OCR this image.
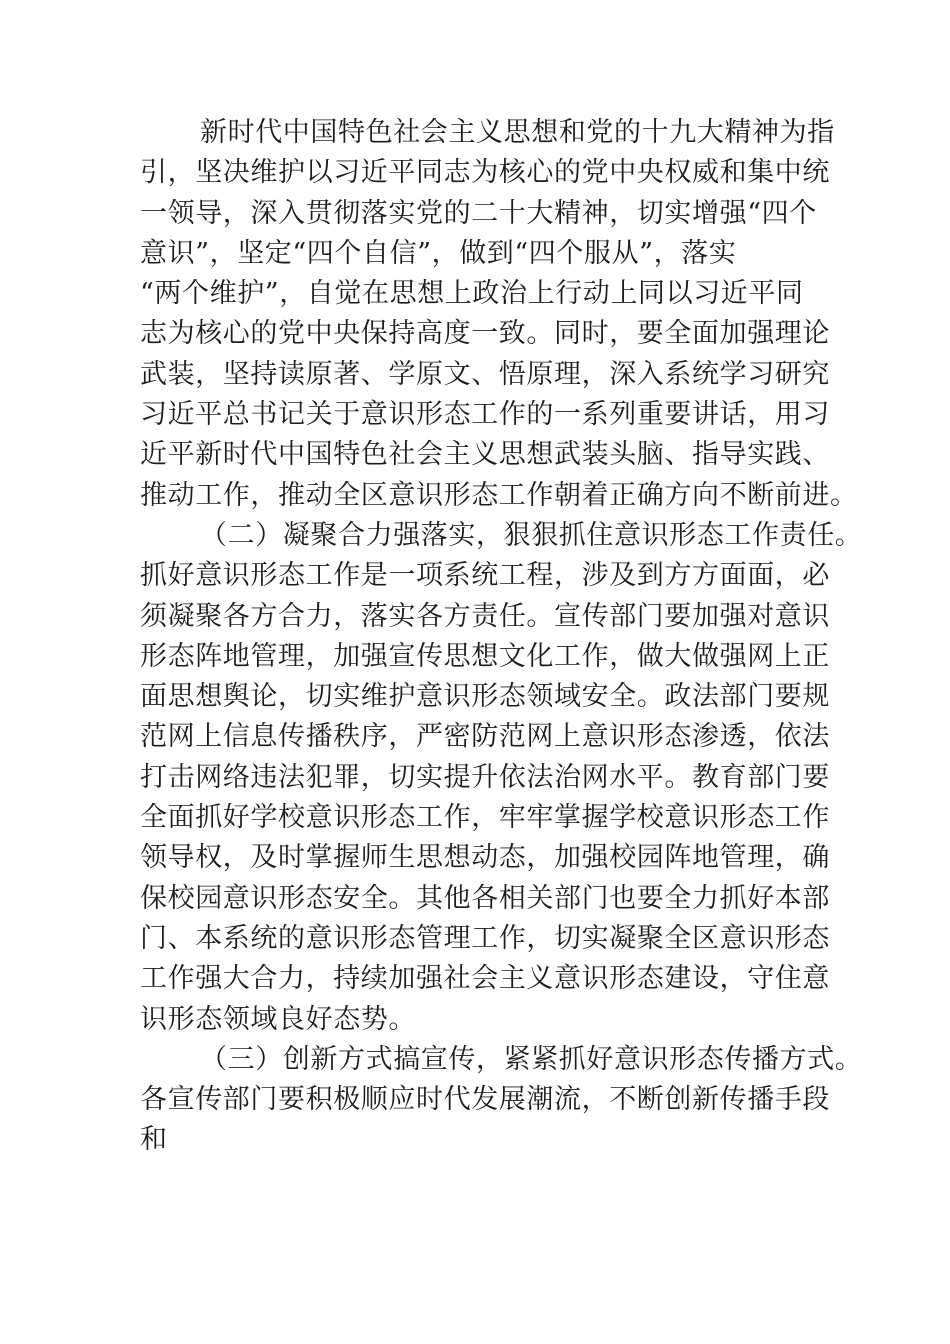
新时代中国特色社会主义思想和党的十九大精神为指
引，坚决维护以习近平同志为核心的党中央权威和集中统
一领导，深入贯彻落实党的二十大精神，切实增强“四个
意识”，坚定“四个自信”，做到“四个服从”，落实
“两个维护”，自觉在思想上政治上行动上同以习近平同
志为核心的党中央保持高度一致。同时，要全面加强理论
武装，坚持读原著、学原文、悟原理，深入系统学习研究
习近平总书记关于意识形态工作的一系列重要讲话，用习
近平新时代中国特色社会主义思想武装头脑、指导实践、
推动工作，推动全区意识形态工作朝着正确方向不断前进。
（二）凝聚合力强落实，狠狠抓住意识形态工作责任。
抓好意识形态工作是一项系统工程，涉及到方方面面，必
须凝聚各方合力，落实各方责任。宣传部门要加强对意识
形态阵地管理，加强宣传思想文化工作，做大做强网上正
面思想舆论，切实维护意识形态领域安全。政法部门要规
范网上信息传播秩序，严密防范网上意识形态渗透，依法
打击网络违法犯罪，切实提升依法治网水平。教育部门要
全面抓好学校意识形态工作，牢牢掌握学校意识形态工作
领导权，及时掌握师生思想动态，加强校园阵地管理，确
保校园意识形态安全。其他各相关部门也要全力抓好本部
门、本系统的意识形态管理工作，切实凝聚全区意识形态
工作强大合力，持续加强社会主义意识形态建设，守住意
识形态领域良好态势。
（三）创新方式搞宣传，紧紧抓好意识形态传播方式。
各宣传部门要积极顺应时代发展潮流，不断创新传播手段
和
